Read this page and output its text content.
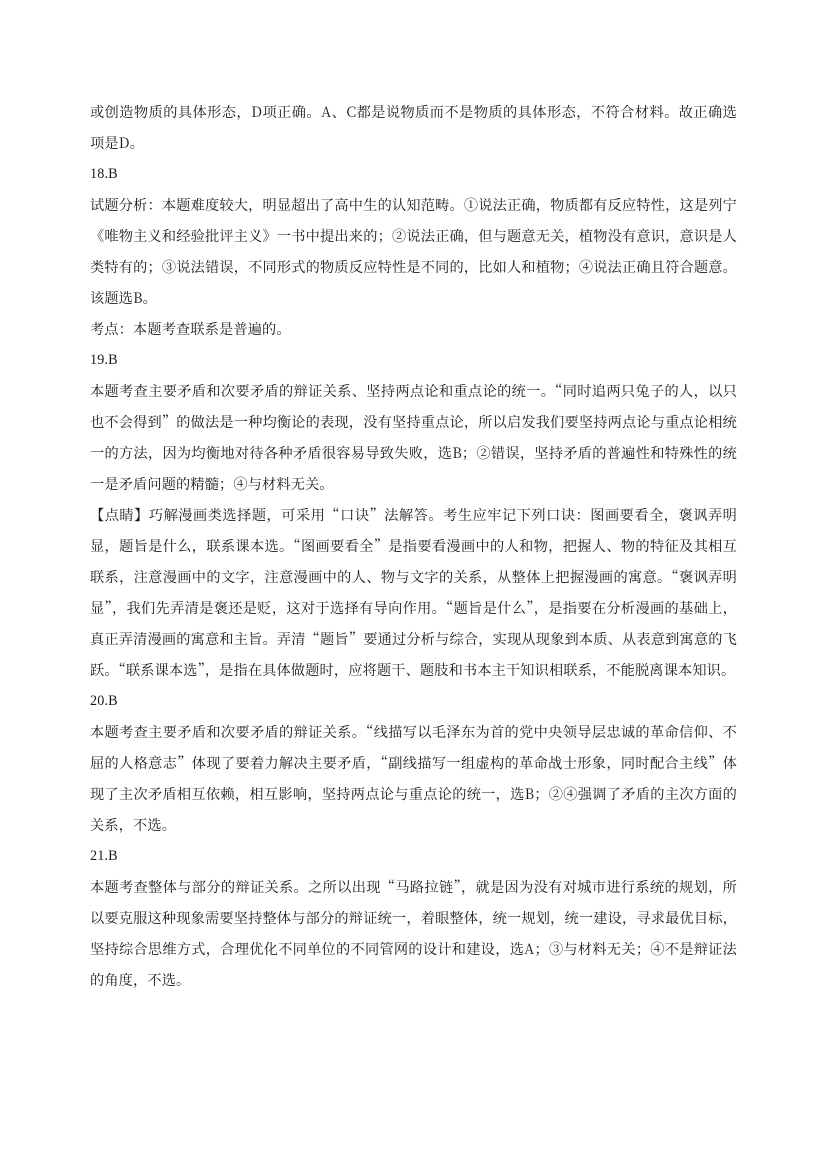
或创造物质的具体形态，D项正确。A、C都是说物质而不是物质的具体形态，不符合材料。故正确选项是D。

18.B

试题分析：本题难度较大，明显超出了高中生的认知范畴。①说法正确，物质都有反应特性，这是列宁《唯物主义和经验批评主义》一书中提出来的；②说法正确，但与题意无关，植物没有意识，意识是人类特有的；③说法错误，不同形式的物质反应特性是不同的，比如人和植物；④说法正确且符合题意。该题选B。

考点：本题考查联系是普遍的。

19.B

本题考查主要矛盾和次要矛盾的辩证关系、坚持两点论和重点论的统一。“同时追两只兔子的人，以只也不会得到”的做法是一种均衡论的表现，没有坚持重点论，所以启发我们要坚持两点论与重点论相统一的方法，因为均衡地对待各种矛盾很容易导致失败，选B；②错误，坚持矛盾的普遍性和特殊性的统一是矛盾问题的精髓；④与材料无关。

【点睛】巧解漫画类选择题，可采用“口诀”法解答。考生应牢记下列口诀：图画要看全，褒讽弄明显，题旨是什么，联系课本选。“图画要看全”是指要看漫画中的人和物，把握人、物的特征及其相互联系，注意漫画中的文字，注意漫画中的人、物与文字的关系，从整体上把握漫画的寓意。“褒讽弄明显”，我们先弄清是褒还是贬，这对于选择有导向作用。“题旨是什么”，是指要在分析漫画的基础上，真正弄清漫画的寓意和主旨。弄清“题旨”要通过分析与综合，实现从现象到本质、从表意到寓意的飞跃。“联系课本选”，是指在具体做题时，应将题干、题肢和书本主干知识相联系，不能脱离课本知识。

20.B

本题考查主要矛盾和次要矛盾的辩证关系。“线描写以毛泽东为首的党中央领导层忠诚的革命信仰、不屈的人格意志”体现了要着力解决主要矛盾，“副线描写一组虚构的革命战士形象，同时配合主线”体现了主次矛盾相互依赖，相互影响，坚持两点论与重点论的统一，选B；②④强调了矛盾的主次方面的关系，不选。

21.B

本题考查整体与部分的辩证关系。之所以出现“马路拉链”，就是因为没有对城市进行系统的规划，所以要克服这种现象需要坚持整体与部分的辩证统一，着眼整体，统一规划，统一建设，寻求最优目标，坚持综合思维方式，合理优化不同单位的不同管网的设计和建设，选A；③与材料无关；④不是辩证法的角度，不选。
